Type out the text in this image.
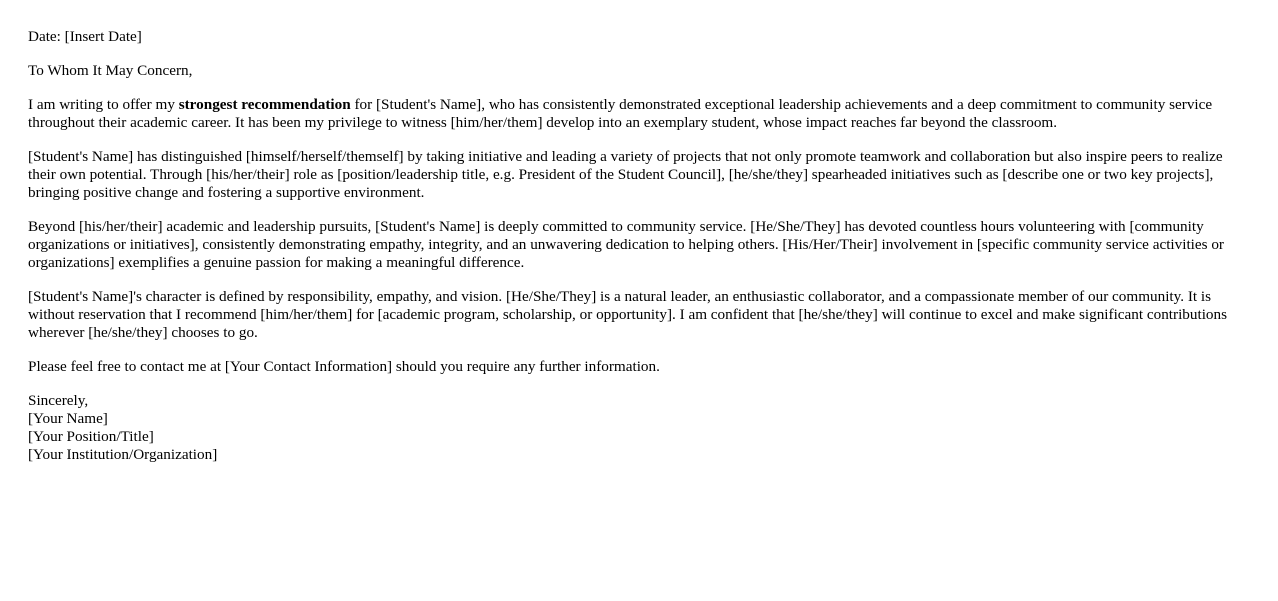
Date: [Insert Date]

To Whom It May Concern,

I am writing to offer my strongest recommendation for [Student's Name], who has consistently demonstrated exceptional leadership achievements and a deep commitment to community service throughout their academic career. It has been my privilege to witness [him/her/them] develop into an exemplary student, whose impact reaches far beyond the classroom.

[Student's Name] has distinguished [himself/herself/themself] by taking initiative and leading a variety of projects that not only promote teamwork and collaboration but also inspire peers to realize their own potential. Through [his/her/their] role as [position/leadership title, e.g. President of the Student Council], [he/she/they] spearheaded initiatives such as [describe one or two key projects], bringing positive change and fostering a supportive environment.

Beyond [his/her/their] academic and leadership pursuits, [Student's Name] is deeply committed to community service. [He/She/They] has devoted countless hours volunteering with [community organizations or initiatives], consistently demonstrating empathy, integrity, and an unwavering dedication to helping others. [His/Her/Their] involvement in [specific community service activities or organizations] exemplifies a genuine passion for making a meaningful difference.

[Student's Name]'s character is defined by responsibility, empathy, and vision. [He/She/They] is a natural leader, an enthusiastic collaborator, and a compassionate member of our community. It is without reservation that I recommend [him/her/them] for [academic program, scholarship, or opportunity]. I am confident that [he/she/they] will continue to excel and make significant contributions wherever [he/she/they] chooses to go.

Please feel free to contact me at [Your Contact Information] should you require any further information.

Sincerely,
[Your Name]
[Your Position/Title]
[Your Institution/Organization]
